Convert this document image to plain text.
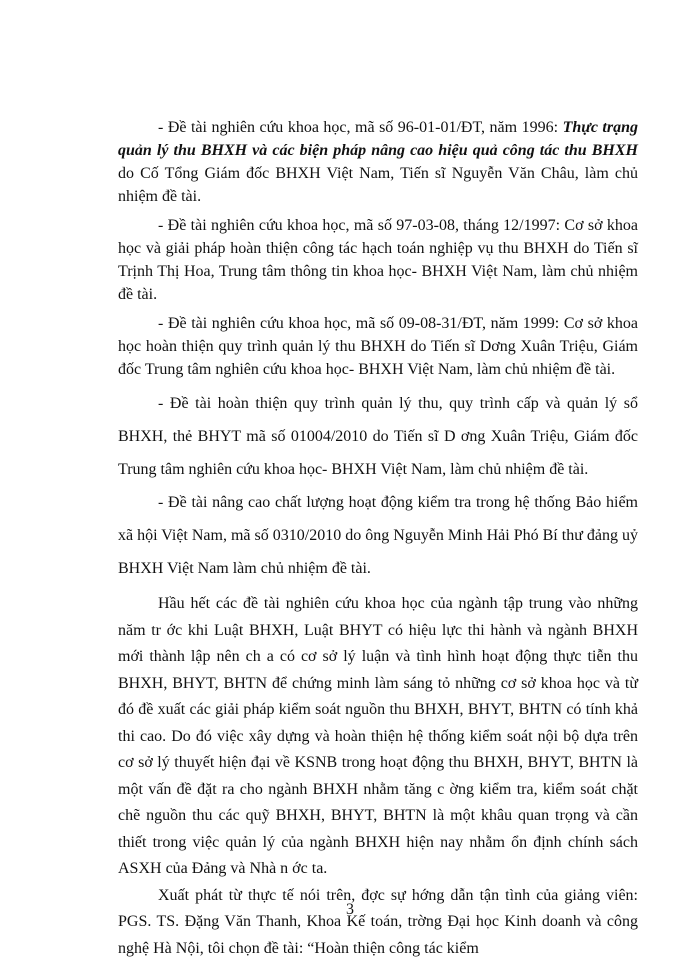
- Đề tài nghiên cứu khoa học, mã số 96-01-01/ĐT, năm 1996: Thực trạng quản lý thu BHXH và các biện pháp nâng cao hiệu quả công tác thu BHXH do Cố Tổng Giám đốc BHXH Việt Nam, Tiến sĩ Nguyễn Văn Châu, làm chủ nhiệm đề tài.

- Đề tài nghiên cứu khoa học, mã số 97-03-08, tháng 12/1997: Cơ sở khoa học và giải pháp hoàn thiện công tác hạch toán nghiệp vụ thu BHXH do Tiến sĩ Trịnh Thị Hoa, Trung tâm thông tin khoa học- BHXH Việt Nam, làm chủ nhiệm đề tài.

- Đề tài nghiên cứu khoa học, mã số 09-08-31/ĐT, năm 1999: Cơ sở khoa học hoàn thiện quy trình quản lý thu BHXH do Tiến sĩ Dơng Xuân Triệu, Giám đốc Trung tâm nghiên cứu khoa học- BHXH Việt Nam, làm chủ nhiệm đề tài.

- Đề tài hoàn thiện quy trình quản lý thu, quy trình cấp và quản lý sổ BHXH, thẻ BHYT mã số 01004/2010 do Tiến sĩ D ơng Xuân Triệu, Giám đốc Trung tâm nghiên cứu khoa học- BHXH Việt Nam, làm chủ nhiệm đề tài.

- Đề tài nâng cao chất lượng hoạt động kiểm tra trong hệ thống Bảo hiểm xã hội Việt Nam, mã số 0310/2010 do ông Nguyễn Minh Hải Phó Bí thư đảng uỷ BHXH Việt Nam làm chủ nhiệm đề tài.

Hầu hết các đề tài nghiên cứu khoa học của ngành tập trung vào những năm tr ớc khi Luật BHXH, Luật BHYT có hiệu lực thi hành và ngành BHXH mới thành lập nên ch a có cơ sở lý luận và tình hình hoạt động thực tiễn thu BHXH, BHYT, BHTN để chứng minh làm sáng tỏ những cơ sở khoa học và từ đó đề xuất các giải pháp kiểm soát nguồn thu BHXH, BHYT, BHTN có tính khả thi cao. Do đó việc xây dựng và hoàn thiện hệ thống kiểm soát nội bộ dựa trên cơ sở lý thuyết hiện đại về KSNB trong hoạt động thu BHXH, BHYT, BHTN là một vấn đề đặt ra cho ngành BHXH nhằm tăng c ờng kiểm tra, kiểm soát chặt chẽ nguồn thu các quỹ BHXH, BHYT, BHTN là một khâu quan trọng và cần thiết trong việc quản lý của ngành BHXH hiện nay nhằm ổn định chính sách ASXH của Đảng và Nhà n ớc ta.

Xuất phát từ thực tế nói trên, đợc sự hớng dẫn tận tình của giảng viên: PGS. TS. Đặng Văn Thanh, Khoa Kế toán, trờng Đại học Kinh doanh và công nghệ Hà Nội, tôi chọn đề tài: “Hoàn thiện công tác kiểm

3
